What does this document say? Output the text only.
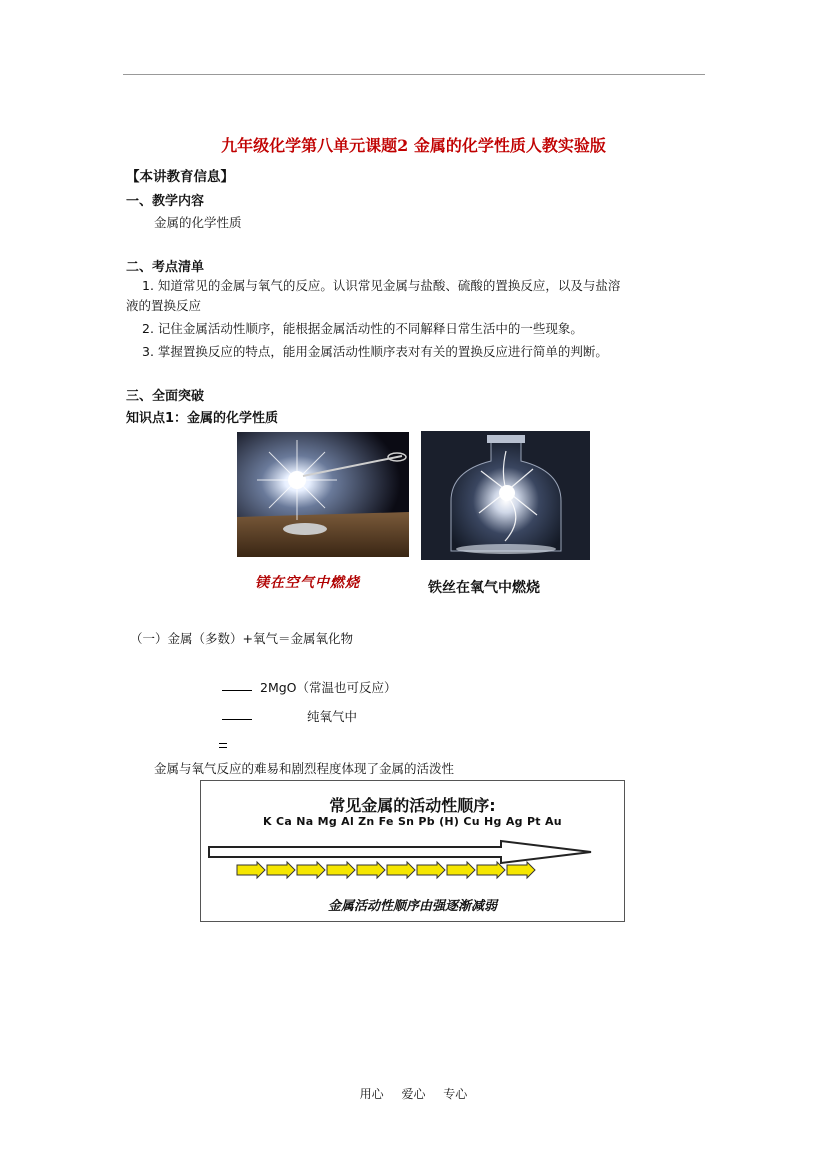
九年级化学第八单元课题2 金属的化学性质人教实验版
【本讲教育信息】
一、教学内容
金属的化学性质
二、考点清单
1. 知道常见的金属与氧气的反应。认识常见金属与盐酸、硫酸的置换反应，以及与盐溶
液的置换反应
2. 记住金属活动性顺序，能根据金属活动性的不同解释日常生活中的一些现象。
3. 掌握置换反应的特点，能用金属活动性顺序表对有关的置换反应进行简单的判断。
三、全面突破
知识点1：金属的化学性质
镁在空气中燃烧	铁丝在氧气中燃烧
（一）金属（多数）+氧气＝金属氧化物
2MgO（常温也可反应）
纯氧气中
金属与氧气反应的难易和剧烈程度体现了金属的活泼性
常见金属的活动性顺序:
K Ca Na Mg Al Zn Fe Sn Pb (H) Cu Hg Ag Pt Au
金属活动性顺序由强逐渐减弱
用心 爱心 专心
